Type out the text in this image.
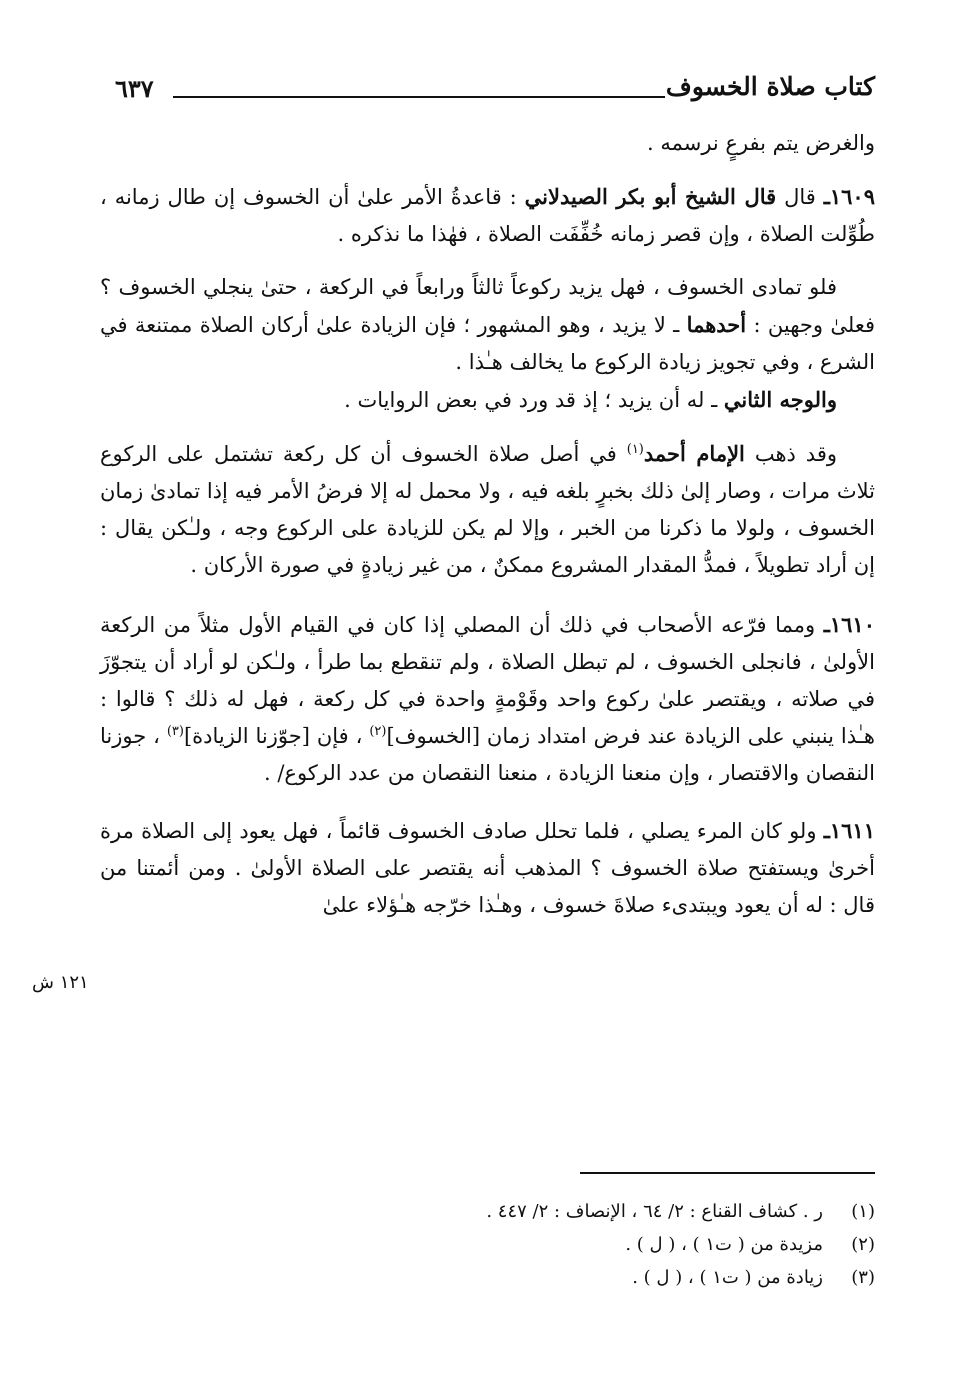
كتاب صلاة الخسوف
٦٣٧

والغرض يتم بفرعٍ نرسمه .

١٦٠٩ـ قال قال الشيخ أبو بكر الصيدلاني : قاعدةُ الأمر علىٰ أن الخسوف إن طال زمانه ، طُوِّلت الصلاة ، وإن قصر زمانه خُفِّفَت الصلاة ، فهٰذا ما نذكره .

فلو تمادى الخسوف ، فهل يزيد ركوعاً ثالثاً ورابعاً في الركعة ، حتىٰ ينجلي الخسوف ؟ فعلىٰ وجهين : أحدهما ـ لا يزيد ، وهو المشهور ؛ فإن الزيادة علىٰ أركان الصلاة ممتنعة في الشرع ، وفي تجويز زيادة الركوع ما يخالف هـٰذا .

والوجه الثاني ـ له أن يزيد ؛ إذ قد ورد في بعض الروايات .

وقد ذهب الإمام أحمد$^{(١)}$ في أصل صلاة الخسوف أن كل ركعة تشتمل على الركوع ثلاث مرات ، وصار إلىٰ ذلك بخبرٍ بلغه فيه ، ولا محمل له إلا فرضُ الأمر فيه إذا تمادىٰ زمان الخسوف ، ولولا ما ذكرنا من الخبر ، وإلا لم يكن للزيادة على الركوع وجه ، ولـٰكن يقال : إن أراد تطويلاً ، فمدُّ المقدار المشروع ممكنٌ ، من غير زيادةٍ في صورة الأركان .

١٦١٠ـ ومما فرّعه الأصحاب في ذلك أن المصلي إذا كان في القيام الأول مثلاً من الركعة الأولىٰ ، فانجلى الخسوف ، لم تبطل الصلاة ، ولم تنقطع بما طرأ ، ولـٰكن لو أراد أن يتجوّزَ في صلاته ، ويقتصر علىٰ ركوع واحد وقَوْمةٍ واحدة في كل ركعة ، فهل له ذلك ؟ قالوا : هـٰذا ينبني على الزيادة عند فرض امتداد زمان [الخسوف]$^{(٢)}$ ، فإن [جوّزنا الزيادة]$^{(٣)}$ ، جوزنا النقصان والاقتصار ، وإن منعنا الزيادة ، منعنا النقصان من عدد الركوع/ .

١٦١١ـ ولو كان المرء يصلي ، فلما تحلل صادف الخسوف قائماً ، فهل يعود إلى الصلاة مرة أخرىٰ ويستفتح صلاة الخسوف ؟ المذهب أنه يقتصر على الصلاة الأولىٰ . ومن أئمتنا من قال : له أن يعود ويبتدىء صلاةَ خسوف ، وهـٰذا خرّجه هـٰؤلاء علىٰ

١٢١ ش
(١)ر . كشاف القناع : ٢/ ٦٤ ، الإنصاف : ٢/ ٤٤٧ .
(٢)مزيدة من ( ت١ ) ، ( ل ) .
(٣)زيادة من ( ت١ ) ، ( ل ) .
